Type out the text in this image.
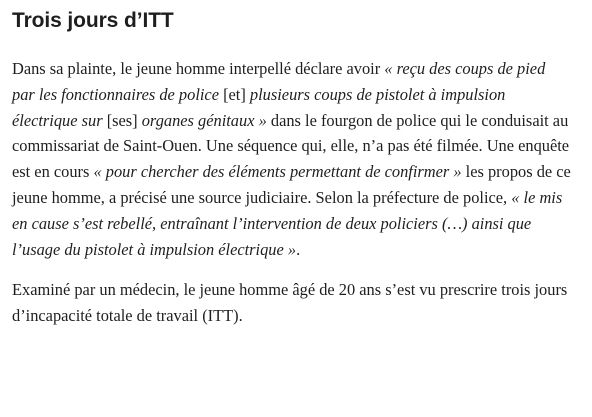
Trois jours d’ITT

Dans sa plainte, le jeune homme interpellé déclare avoir « reçu des coups de pied par les fonctionnaires de police [et] plusieurs coups de pistolet à impulsion électrique sur [ses] organes génitaux » dans le fourgon de police qui le conduisait au commissariat de Saint-Ouen. Une séquence qui, elle, n’a pas été filmée. Une enquête est en cours « pour chercher des éléments permettant de confirmer » les propos de ce jeune homme, a précisé une source judiciaire. Selon la préfecture de police, « le mis en cause s’est rebellé, entraînant l’intervention de deux policiers (…) ainsi que l’usage du pistolet à impulsion électrique ».

Examiné par un médecin, le jeune homme âgé de 20 ans s’est vu prescrire trois jours d’incapacité totale de travail (ITT).
